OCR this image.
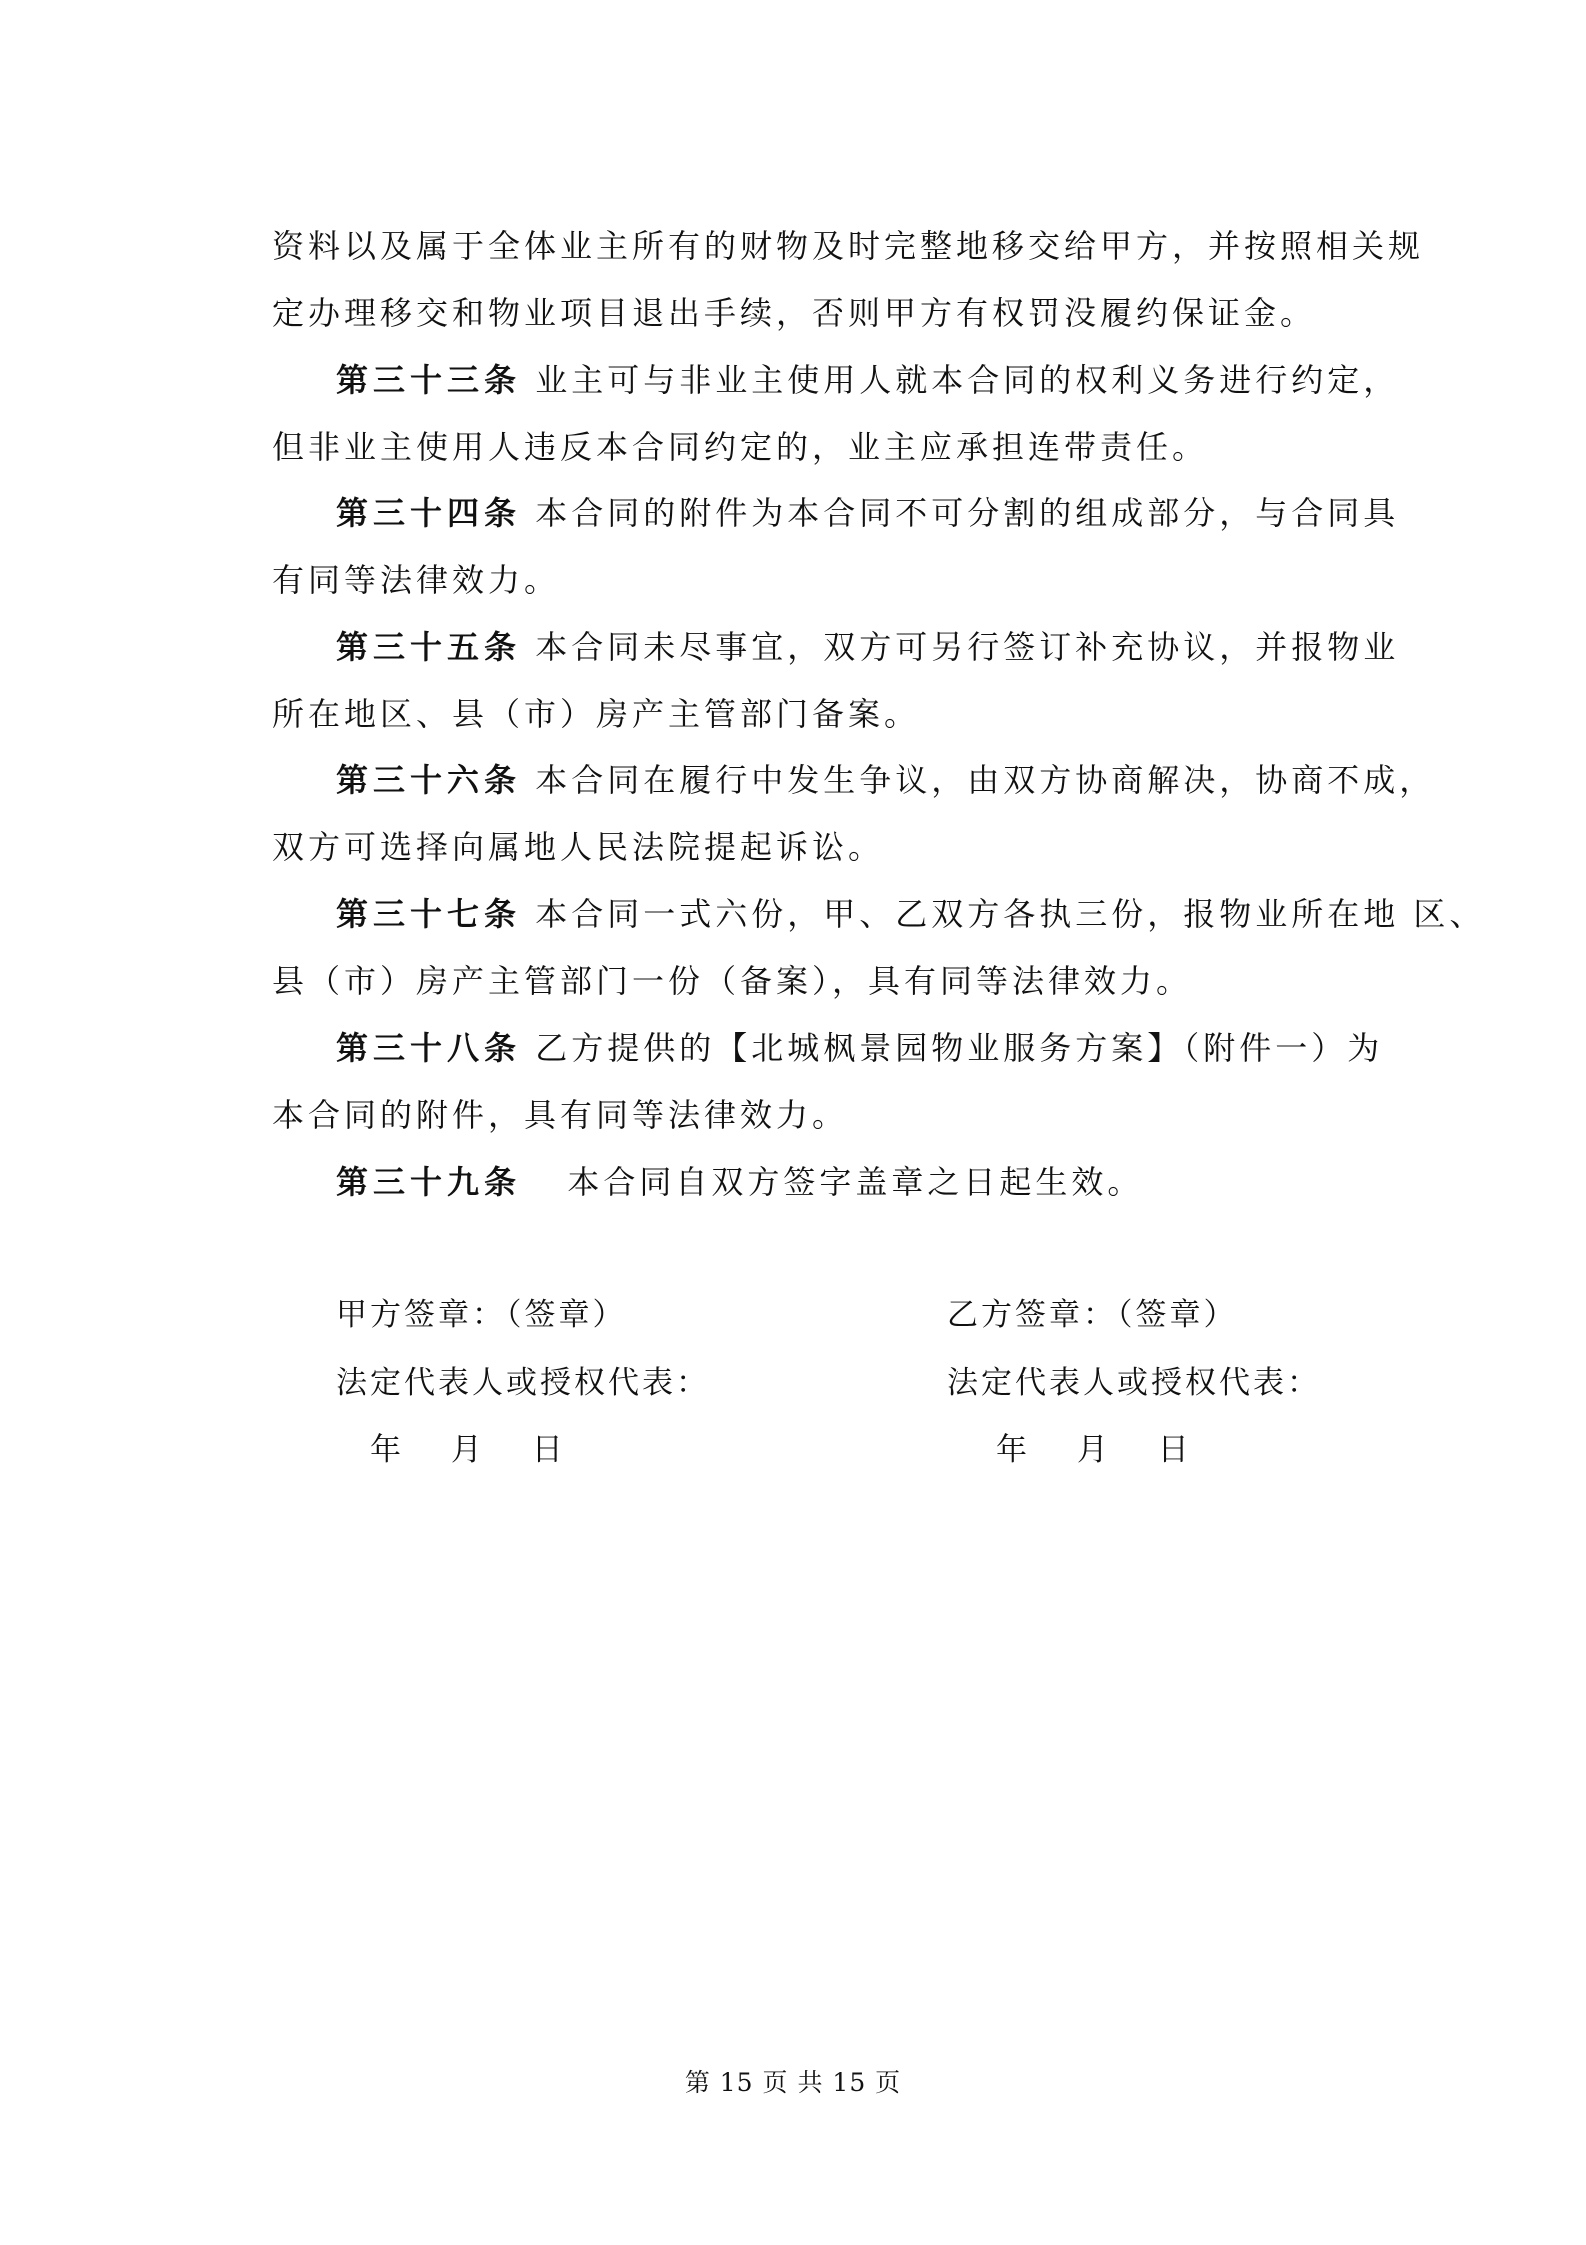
资料以及属于全体业主所有的财物及时完整地移交给甲方，并按照相关规
定办理移交和物业项目退出手续，否则甲方有权罚没履约保证金。
第三十三条 业主可与非业主使用人就本合同的权利义务进行约定，
但非业主使用人违反本合同约定的，业主应承担连带责任。
第三十四条 本合同的附件为本合同不可分割的组成部分，与合同具
有同等法律效力。
第三十五条 本合同未尽事宜，双方可另行签订补充协议，并报物业
所在地区、县（市）房产主管部门备案。
第三十六条 本合同在履行中发生争议，由双方协商解决，协商不成，
双方可选择向属地人民法院提起诉讼。
第三十七条 本合同一式六份，甲、乙双方各执三份，报物业所在地 区、
县（市）房产主管部门一份（备案），具有同等法律效力。
第三十八条 乙方提供的【北城枫景园物业服务方案】（附件一）为
本合同的附件，具有同等法律效力。
第三十九条 本合同自双方签字盖章之日起生效。
甲方签章：（签章）
法定代表人或授权代表：
年 月 日
乙方签章：（签章）
法定代表人或授权代表：
年 月 日
第 15 页 共 15 页
